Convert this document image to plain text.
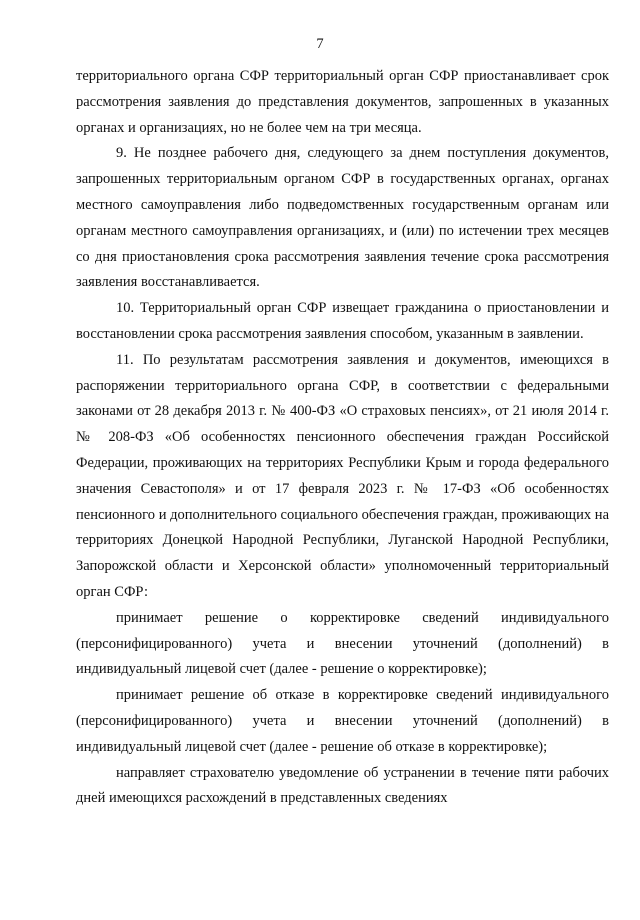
7

территориального органа СФР территориальный орган СФР приостанавливает срок рассмотрения заявления до представления документов, запрошенных в указанных органах и организациях, но не более чем на три месяца.

9. Не позднее рабочего дня, следующего за днем поступления документов, запрошенных территориальным органом СФР в государственных органах, органах местного самоуправления либо подведомственных государственным органам или органам местного самоуправления организациях, и (или) по истечении трех месяцев со дня приостановления срока рассмотрения заявления течение срока рассмотрения заявления восстанавливается.

10. Территориальный орган СФР извещает гражданина о приостановлении и восстановлении срока рассмотрения заявления способом, указанным в заявлении.

11. По результатам рассмотрения заявления и документов, имеющихся в распоряжении территориального органа СФР, в соответствии с федеральными законами от 28 декабря 2013 г. № 400-ФЗ «О страховых пенсиях», от 21 июля 2014 г. № 208-ФЗ «Об особенностях пенсионного обеспечения граждан Российской Федерации, проживающих на территориях Республики Крым и города федерального значения Севастополя» и от 17 февраля 2023 г. № 17-ФЗ «Об особенностях пенсионного и дополнительного социального обеспечения граждан, проживающих на территориях Донецкой Народной Республики, Луганской Народной Республики, Запорожской области и Херсонской области» уполномоченный территориальный орган СФР:

принимает решение о корректировке сведений индивидуального (персонифицированного) учета и внесении уточнений (дополнений) в индивидуальный лицевой счет (далее - решение о корректировке);

принимает решение об отказе в корректировке сведений индивидуального (персонифицированного) учета и внесении уточнений (дополнений) в индивидуальный лицевой счет (далее - решение об отказе в корректировке);

направляет страхователю уведомление об устранении в течение пяти рабочих дней имеющихся расхождений в представленных сведениях
